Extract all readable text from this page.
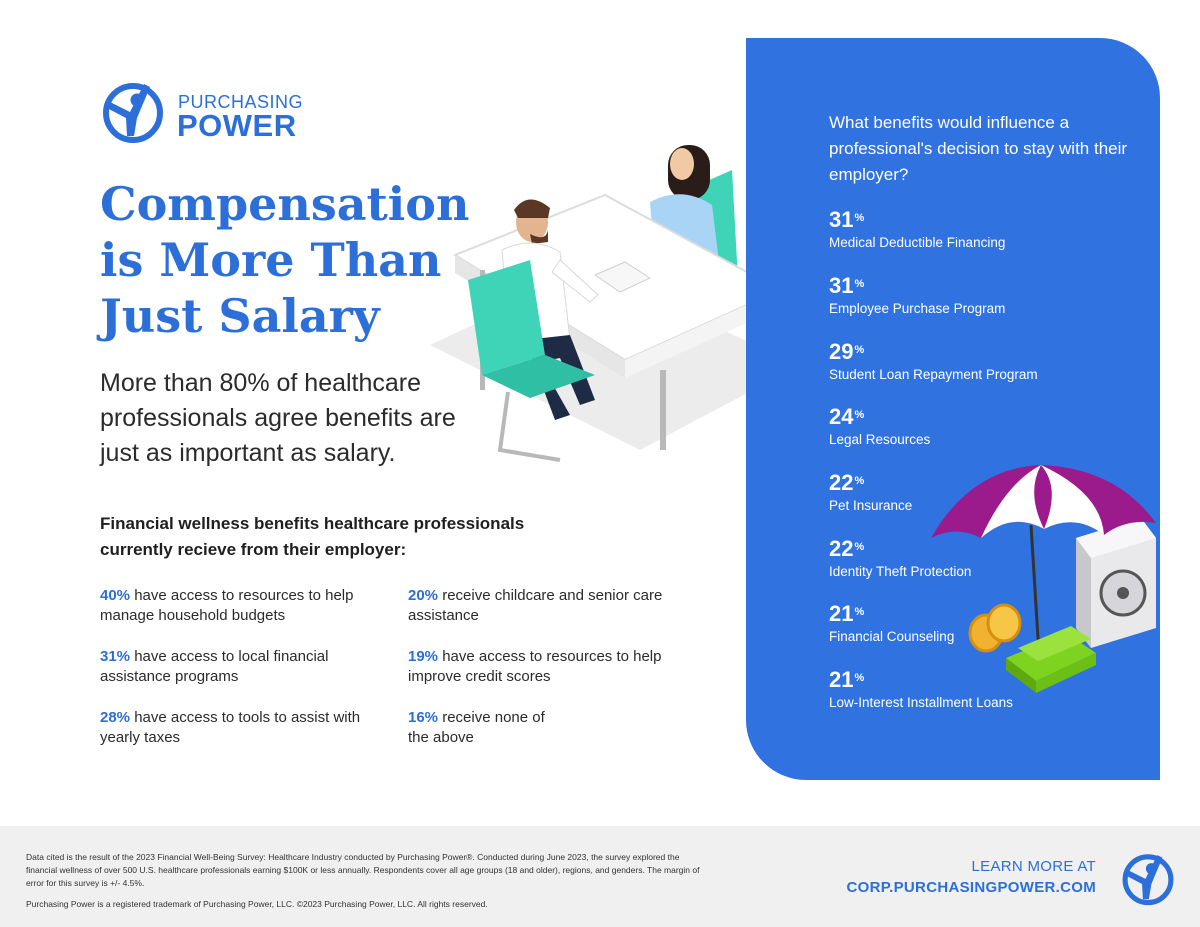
PURCHASING
POWER
Compensation is More Than Just Salary

More than 80% of healthcare professionals agree benefits are just as important as salary.

Financial wellness benefits healthcare professionals currently recieve from their employer:
40% have access to resources to help manage household budgets
20% receive childcare and senior care assistance
31% have access to local financial assistance programs
19% have access to resources to help improve credit scores
28% have access to tools to assist with yearly taxes
16% receive none of the above
What benefits would influence a professional's decision to stay with their employer?
31%
Medical Deductible Financing
31%
Employee Purchase Program
29%
Student Loan Repayment Program
24%
Legal Resources
22%
Pet Insurance
22%
Identity Theft Protection
21%
Financial Counseling
21%
Low-Interest Installment Loans

Data cited is the result of the 2023 Financial Well-Being Survey: Healthcare Industry conducted by Purchasing Power®. Conducted during June 2023, the survey explored the financial wellness of over 500 U.S. healthcare professionals earning $100K or less annually. Respondents cover all age groups (18 and older), regions, and genders. The margin of error for this survey is +/- 4.5%.

Purchasing Power is a registered trademark of Purchasing Power, LLC. ©2023 Purchasing Power, LLC. All rights reserved.

LEARN MORE AT
CORP.PURCHASINGPOWER.COM
